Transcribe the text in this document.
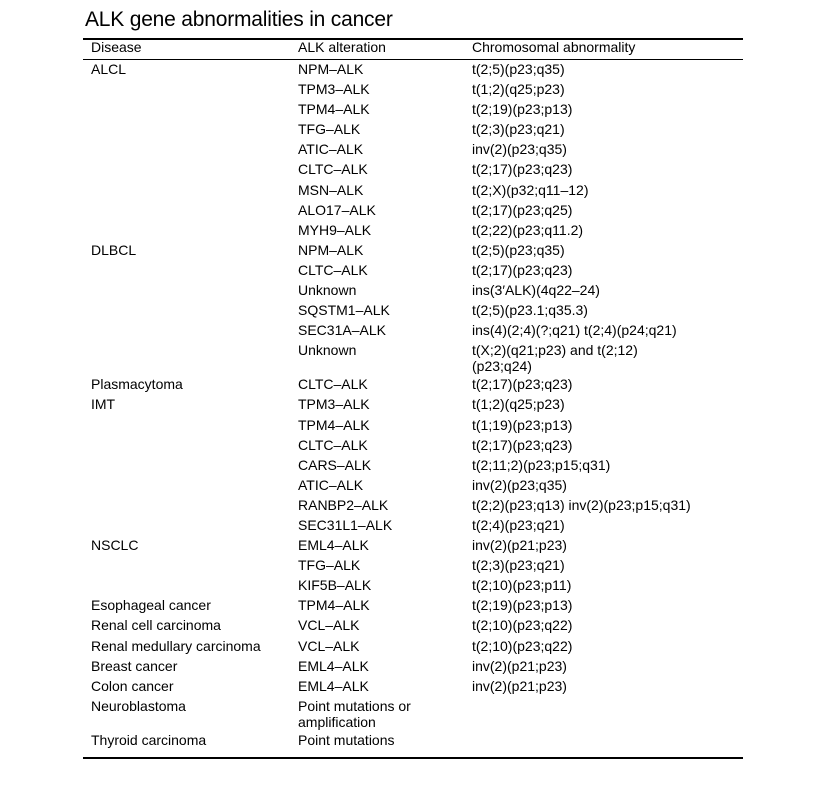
ALK gene abnormalities in cancer
Disease	ALK alteration	Chromosomal abnormality
ALCL	NPM–ALK	t(2;5)(p23;q35)
	TPM3–ALK	t(1;2)(q25;p23)
	TPM4–ALK	t(2;19)(p23;p13)
	TFG–ALK	t(2;3)(p23;q21)
	ATIC–ALK	inv(2)(p23;q35)
	CLTC–ALK	t(2;17)(p23;q23)
	MSN–ALK	t(2;X)(p32;q11–12)
	ALO17–ALK	t(2;17)(p23;q25)
	MYH9–ALK	t(2;22)(p23;q11.2)
DLBCL	NPM–ALK	t(2;5)(p23;q35)
	CLTC–ALK	t(2;17)(p23;q23)
	Unknown	ins(3′ALK)(4q22–24)
	SQSTM1–ALK	t(2;5)(p23.1;q35.3)
	SEC31A–ALK	ins(4)(2;4)(?;q21) t(2;4)(p24;q21)
	Unknown	t(X;2)(q21;p23) and t(2;12)
(p23;q24)
Plasmacytoma	CLTC–ALK	t(2;17)(p23;q23)
IMT	TPM3–ALK	t(1;2)(q25;p23)
	TPM4–ALK	t(1;19)(p23;p13)
	CLTC–ALK	t(2;17)(p23;q23)
	CARS–ALK	t(2;11;2)(p23;p15;q31)
	ATIC–ALK	inv(2)(p23;q35)
	RANBP2–ALK	t(2;2)(p23;q13) inv(2)(p23;p15;q31)
	SEC31L1–ALK	t(2;4)(p23;q21)
NSCLC	EML4–ALK	inv(2)(p21;p23)
	TFG–ALK	t(2;3)(p23;q21)
	KIF5B–ALK	t(2;10)(p23;p11)
Esophageal cancer	TPM4–ALK	t(2;19)(p23;p13)
Renal cell carcinoma	VCL–ALK	t(2;10)(p23;q22)
Renal medullary carcinoma	VCL–ALK	t(2;10)(p23;q22)
Breast cancer	EML4–ALK	inv(2)(p21;p23)
Colon cancer	EML4–ALK	inv(2)(p21;p23)
Neuroblastoma	Point mutations or
amplification	
Thyroid carcinoma	Point mutations	
